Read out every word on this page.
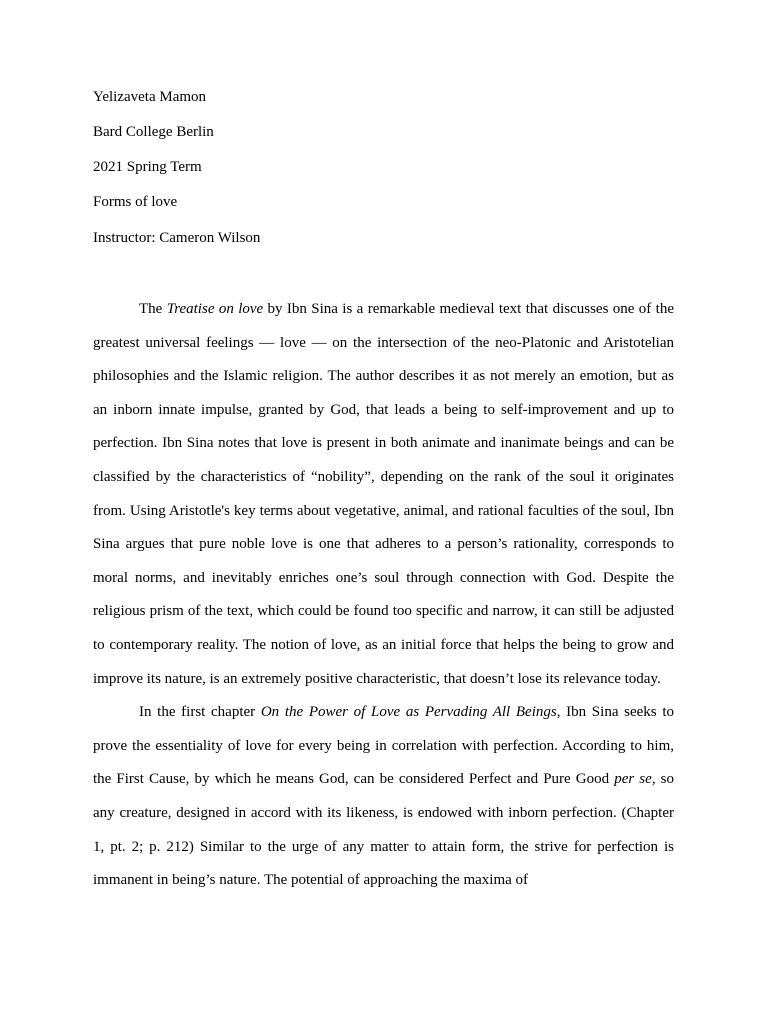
Yelizaveta Mamon
Bard College Berlin
2021 Spring Term
Forms of love
Instructor: Cameron Wilson

The Treatise on love by Ibn Sina is a remarkable medieval text that discusses one of the greatest universal feelings — love — on the intersection of the neo-Platonic and Aristotelian philosophies and the Islamic religion. The author describes it as not merely an emotion, but as an inborn innate impulse, granted by God, that leads a being to self-improvement and up to perfection. Ibn Sina notes that love is present in both animate and inanimate beings and can be classified by the characteristics of “nobility”, depending on the rank of the soul it originates from. Using Aristotle's key terms about vegetative, animal, and rational faculties of the soul, Ibn Sina argues that pure noble love is one that adheres to a person’s rationality, corresponds to moral norms, and inevitably enriches one’s soul through connection with God. Despite the religious prism of the text, which could be found too specific and narrow, it can still be adjusted to contemporary reality. The notion of love, as an initial force that helps the being to grow and improve its nature, is an extremely positive characteristic, that doesn’t lose its relevance today.

In the first chapter On the Power of Love as Pervading All Beings, Ibn Sina seeks to prove the essentiality of love for every being in correlation with perfection. According to him, the First Cause, by which he means God, can be considered Perfect and Pure Good per se, so any creature, designed in accord with its likeness, is endowed with inborn perfection. (Chapter 1, pt. 2; p. 212) Similar to the urge of any matter to attain form, the strive for perfection is immanent in being’s nature. The potential of approaching the maxima of
